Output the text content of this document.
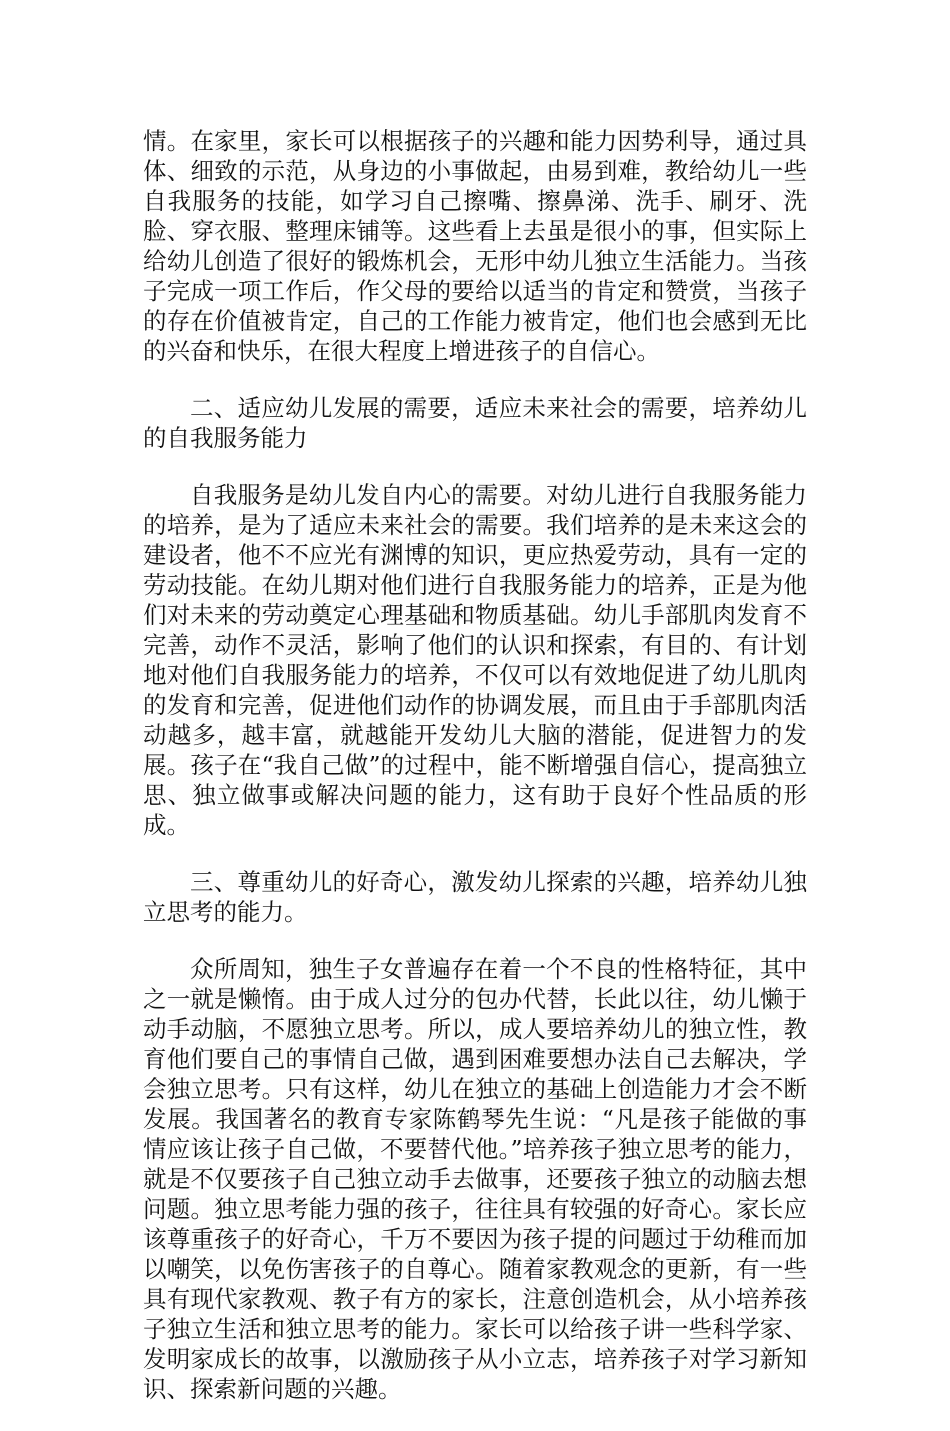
情。在家里，家长可以根据孩子的兴趣和能力因势利导，通过具体、细致的示范，从身边的小事做起，由易到难，教给幼儿一些自我服务的技能，如学习自己擦嘴、擦鼻涕、洗手、刷牙、洗脸、穿衣服、整理床铺等。这些看上去虽是很小的事，但实际上给幼儿创造了很好的锻炼机会，无形中幼儿独立生活能力。当孩子完成一项工作后，作父母的要给以适当的肯定和赞赏，当孩子的存在价值被肯定，自己的工作能力被肯定，他们也会感到无比的兴奋和快乐，在很大程度上增进孩子的自信心。

二、适应幼儿发展的需要，适应未来社会的需要，培养幼儿的自我服务能力

自我服务是幼儿发自内心的需要。对幼儿进行自我服务能力的培养，是为了适应未来社会的需要。我们培养的是未来这会的建设者，他不不应光有渊博的知识，更应热爱劳动，具有一定的劳动技能。在幼儿期对他们进行自我服务能力的培养，正是为他们对未来的劳动奠定心理基础和物质基础。幼儿手部肌肉发育不完善，动作不灵活，影响了他们的认识和探索，有目的、有计划地对他们自我服务能力的培养，不仅可以有效地促进了幼儿肌肉的发育和完善，促进他们动作的协调发展，而且由于手部肌肉活动越多，越丰富，就越能开发幼儿大脑的潜能，促进智力的发展。孩子在“我自己做”的过程中，能不断增强自信心，提高独立思、独立做事或解决问题的能力，这有助于良好个性品质的形成。

三、尊重幼儿的好奇心，激发幼儿探索的兴趣，培养幼儿独立思考的能力。

众所周知，独生子女普遍存在着一个不良的性格特征，其中之一就是懒惰。由于成人过分的包办代替，长此以往，幼儿懒于动手动脑，不愿独立思考。所以，成人要培养幼儿的独立性，教育他们要自己的事情自己做，遇到困难要想办法自己去解决，学会独立思考。只有这样，幼儿在独立的基础上创造能力才会不断发展。我国著名的教育专家陈鹤琴先生说：“凡是孩子能做的事情应该让孩子自己做，不要替代他。”培养孩子独立思考的能力，就是不仅要孩子自己独立动手去做事，还要孩子独立的动脑去想问题。独立思考能力强的孩子，往往具有较强的好奇心。家长应该尊重孩子的好奇心，千万不要因为孩子提的问题过于幼稚而加以嘲笑，以免伤害孩子的自尊心。随着家教观念的更新，有一些具有现代家教观、教子有方的家长，注意创造机会，从小培养孩子独立生活和独立思考的能力。家长可以给孩子讲一些科学家、发明家成长的故事，以激励孩子从小立志，培养孩子对学习新知识、探索新问题的兴趣。
